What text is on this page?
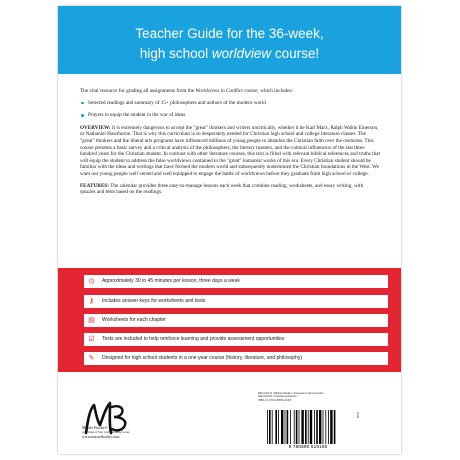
Teacher Guide for the 36-week,
high school worldview course!

The vital resource for grading all assignments from the Worldviews in Conflict course, which includes:

Selected readings and summary of 15+ philosophers and authors of the modern world
Prayers to equip the student in the war of ideas

OVERVIEW: It is extremely dangerous to accept the "great" thinkers and writers uncritically, whether it be Karl Marx, Ralph Waldo Emerson, or Nathaniel Hawthorne. That is why this curriculum is so desperately needed for Christian high school and college literature classes. The "great" thinkers and the liberal arts programs have influenced millions of young people to abandon the Christian faith over the centuries. This course presents a basic survey and a critical analysis of the philosophers, the literary masters, and the cultural influencers of the last three hundred years for the Christian student. In contrast with other literature courses, this text is filled with relevant biblical references and truths that will equip the student to address the false worldviews contained in the "great" humanist works of this era. Every Christian student should be familiar with the ideas and writings that have formed the modern world and subsequently undermined the Christian foundations in the West. We want our young people well versed and well equipped to engage the battle of worldviews before they graduate from high school or college.

FEATURES: The calendar provides three easy-to-manage lessons each week that combine reading, worksheets, and essay writing, with quizzes and tests based on the readings.

◷ Approximately 30 to 45 minutes per lesson, three days a week
⚷ Includes answer keys for worksheets and tests
▤ Worksheets for each chapter
☑ Tests are included to help reinforce learning and provide assessment opportunities
✎ Designed for high school students in a one-year course (history, literature, and philosophy)
Master Books®
A Division of New Leaf Publishing Group
www.masterbooks.com
RELIGIOUS / Biblical Studies / Exegesis & Hermeneutics
RELIGIOUS / Christian Education
ISBN-13: 978-0-89051-916-5
9 780890 519165
EAN
